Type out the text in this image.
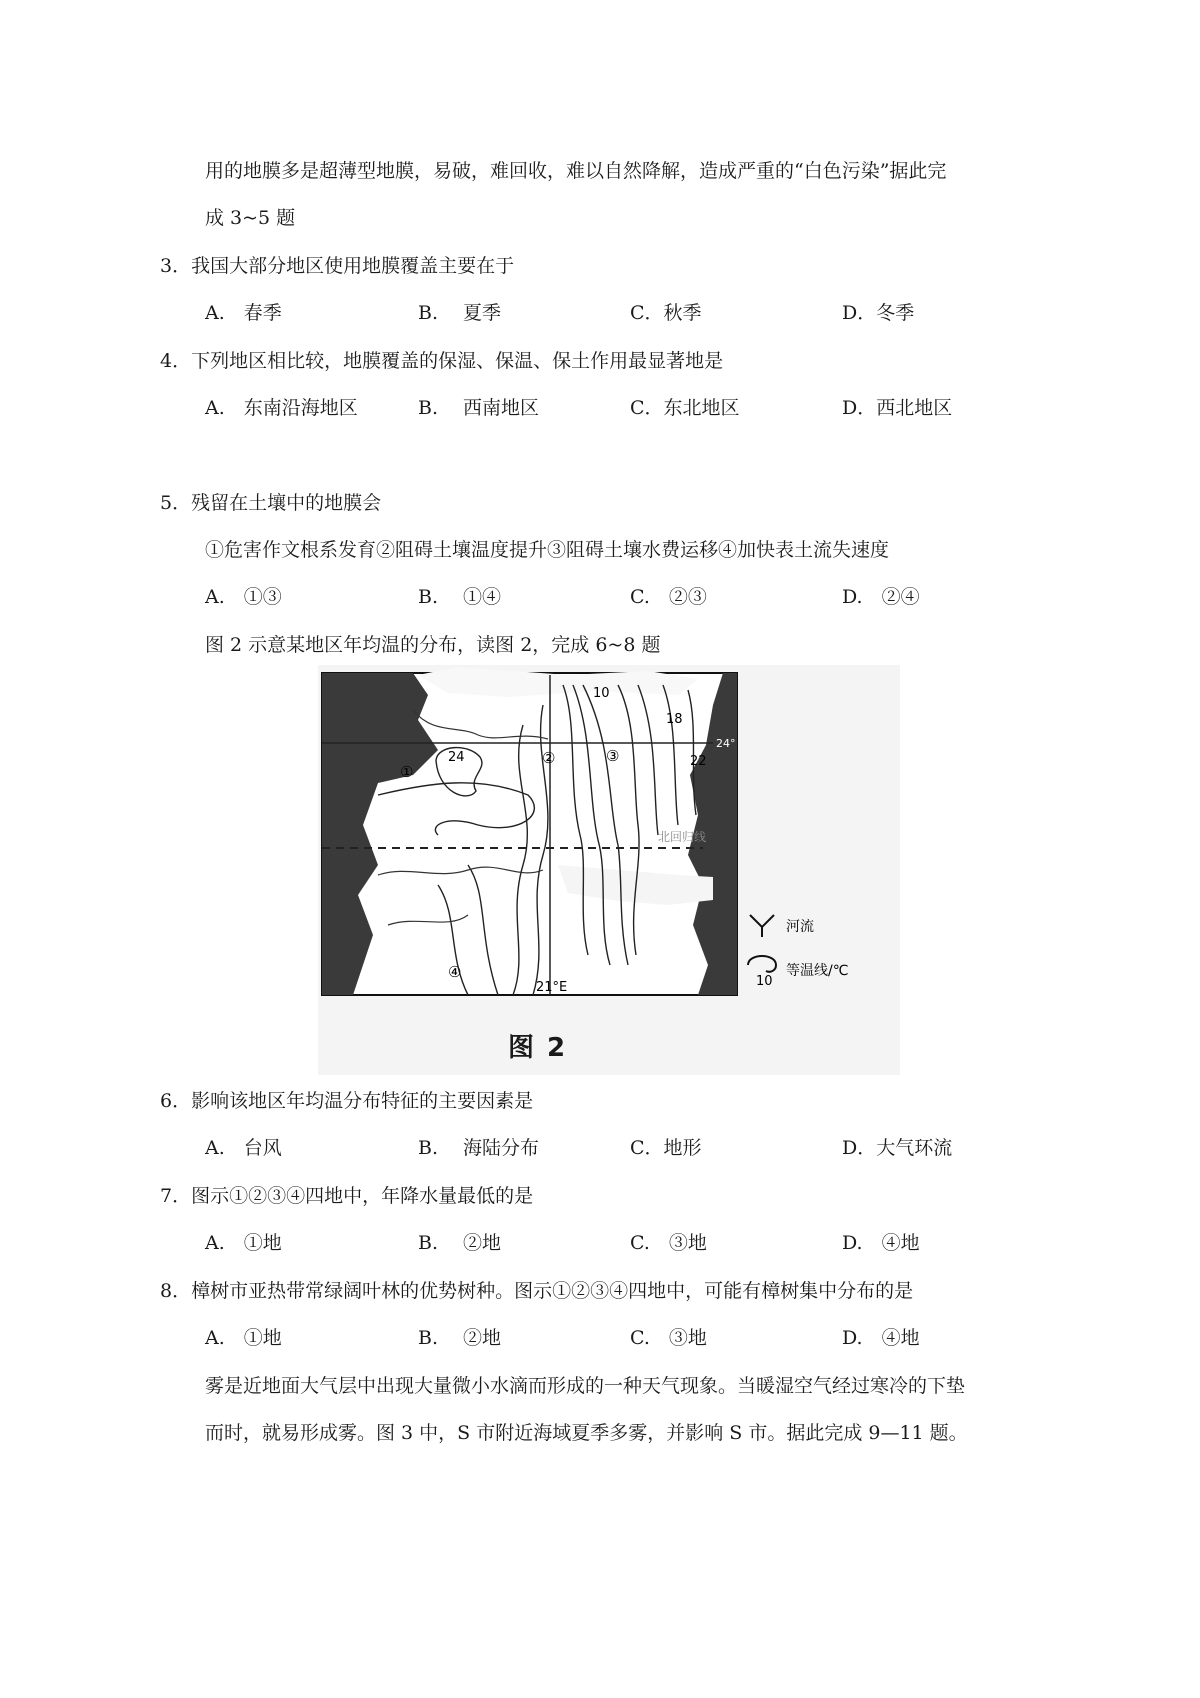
用的地膜多是超薄型地膜，易破，难回收，难以自然降解，造成严重的“白色污染”据此完
成 3~5 题
3．我国大部分地区使用地膜覆盖主要在于
A.　春季	B.　 夏季	C．秋季	D．冬季
4．下列地区相比较，地膜覆盖的保湿、保温、保土作用最显著地是
A.　东南沿海地区	B.　 西南地区	C．东北地区	D．西北地区
5．残留在土壤中的地膜会
①危害作文根系发育②阻碍土壤温度提升③阻碍土壤水费运移④加快表土流失速度
A.　①③	B.　 ①④	C.　②③	D.　②④
图 2 示意某地区年均温的分布，读图 2，完成 6~8 题
24
10
18
22
①
②	③
④
24°
21°E
北回归线
河流
10
等温线/℃
图 2
6．影响该地区年均温分布特征的主要因素是
A.　台风	B.　 海陆分布	C．地形	D．大气环流
7．图示①②③④四地中，年降水量最低的是
A.　①地	B.　 ②地	C.　③地	D.　④地
8．樟树市亚热带常绿阔叶林的优势树种。图示①②③④四地中，可能有樟树集中分布的是
A.　①地	B.　 ②地	C.　③地	D.　④地
雾是近地面大气层中出现大量微小水滴而形成的一种天气现象。当暖湿空气经过寒冷的下垫
而时，就易形成雾。图 3 中，S 市附近海域夏季多雾，并影响 S 市。据此完成 9—11 题。
